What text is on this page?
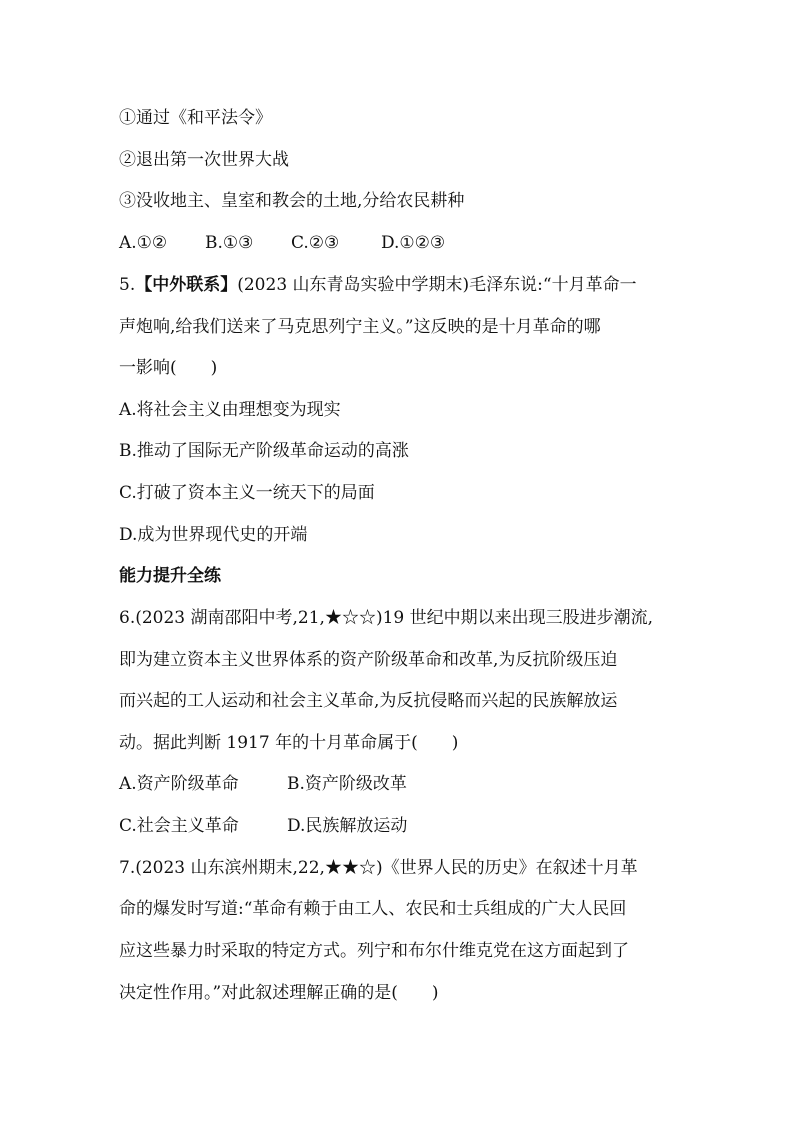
①通过《和平法令》
②退出第一次世界大战
③没收地主、皇室和教会的土地,分给农民耕种
A.①② B.①③ C.②③ D.①②③
5.【中外联系】(2023 山东青岛实验中学期末)毛泽东说:“十月革命一
声炮响,给我们送来了马克思列宁主义。”这反映的是十月革命的哪
一影响(　　)
A.将社会主义由理想变为现实
B.推动了国际无产阶级革命运动的高涨
C.打破了资本主义一统天下的局面
D.成为世界现代史的开端
能力提升全练
6.(2023 湖南邵阳中考,21,★☆☆)19 世纪中期以来出现三股进步潮流,
即为建立资本主义世界体系的资产阶级革命和改革,为反抗阶级压迫
而兴起的工人运动和社会主义革命,为反抗侵略而兴起的民族解放运
动。据此判断 1917 年的十月革命属于(　　)
A.资产阶级革命	B.资产阶级改革
C.社会主义革命	D.民族解放运动
7.(2023 山东滨州期末,22,★★☆)《世界人民的历史》在叙述十月革
命的爆发时写道:“革命有赖于由工人、农民和士兵组成的广大人民回
应这些暴力时采取的特定方式。列宁和布尔什维克党在这方面起到了
决定性作用。”对此叙述理解正确的是(　　)
